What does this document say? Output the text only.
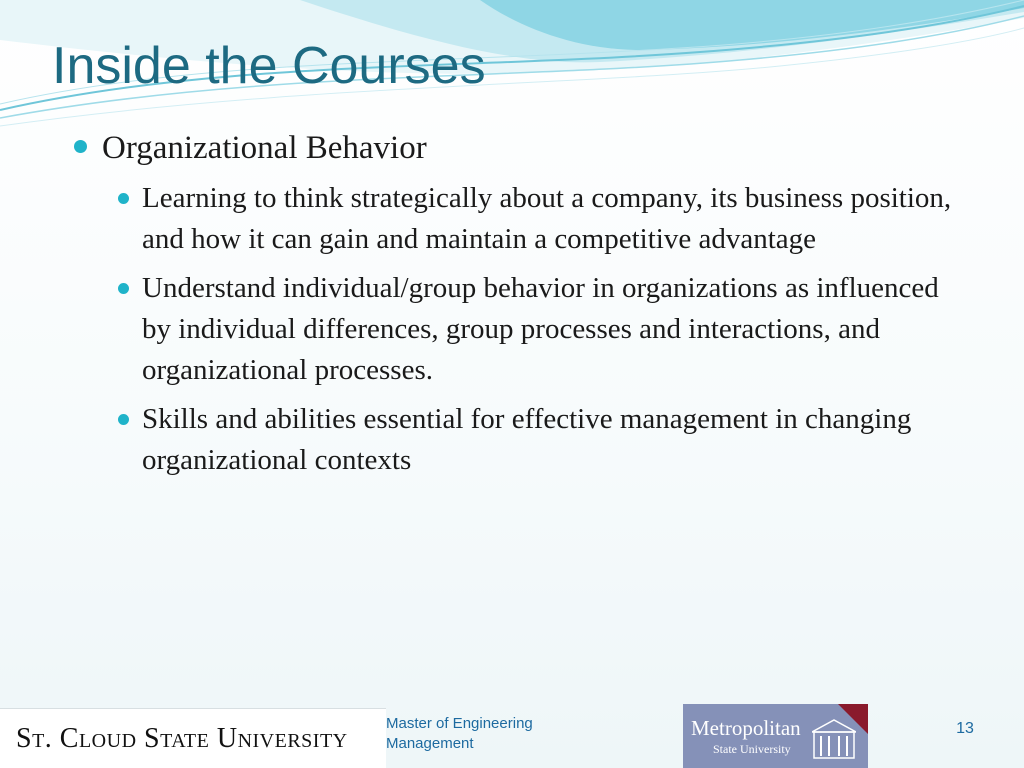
Inside the Courses
Organizational Behavior
Learning to think strategically about a company, its business position, and how it can gain and maintain a competitive advantage
Understand individual/group behavior in organizations as influenced by individual differences, group processes and interactions, and organizational processes.
Skills and abilities essential for effective management in changing organizational contexts
St. Cloud State University	Master of Engineering
Management
Metropolitan
State University
13
